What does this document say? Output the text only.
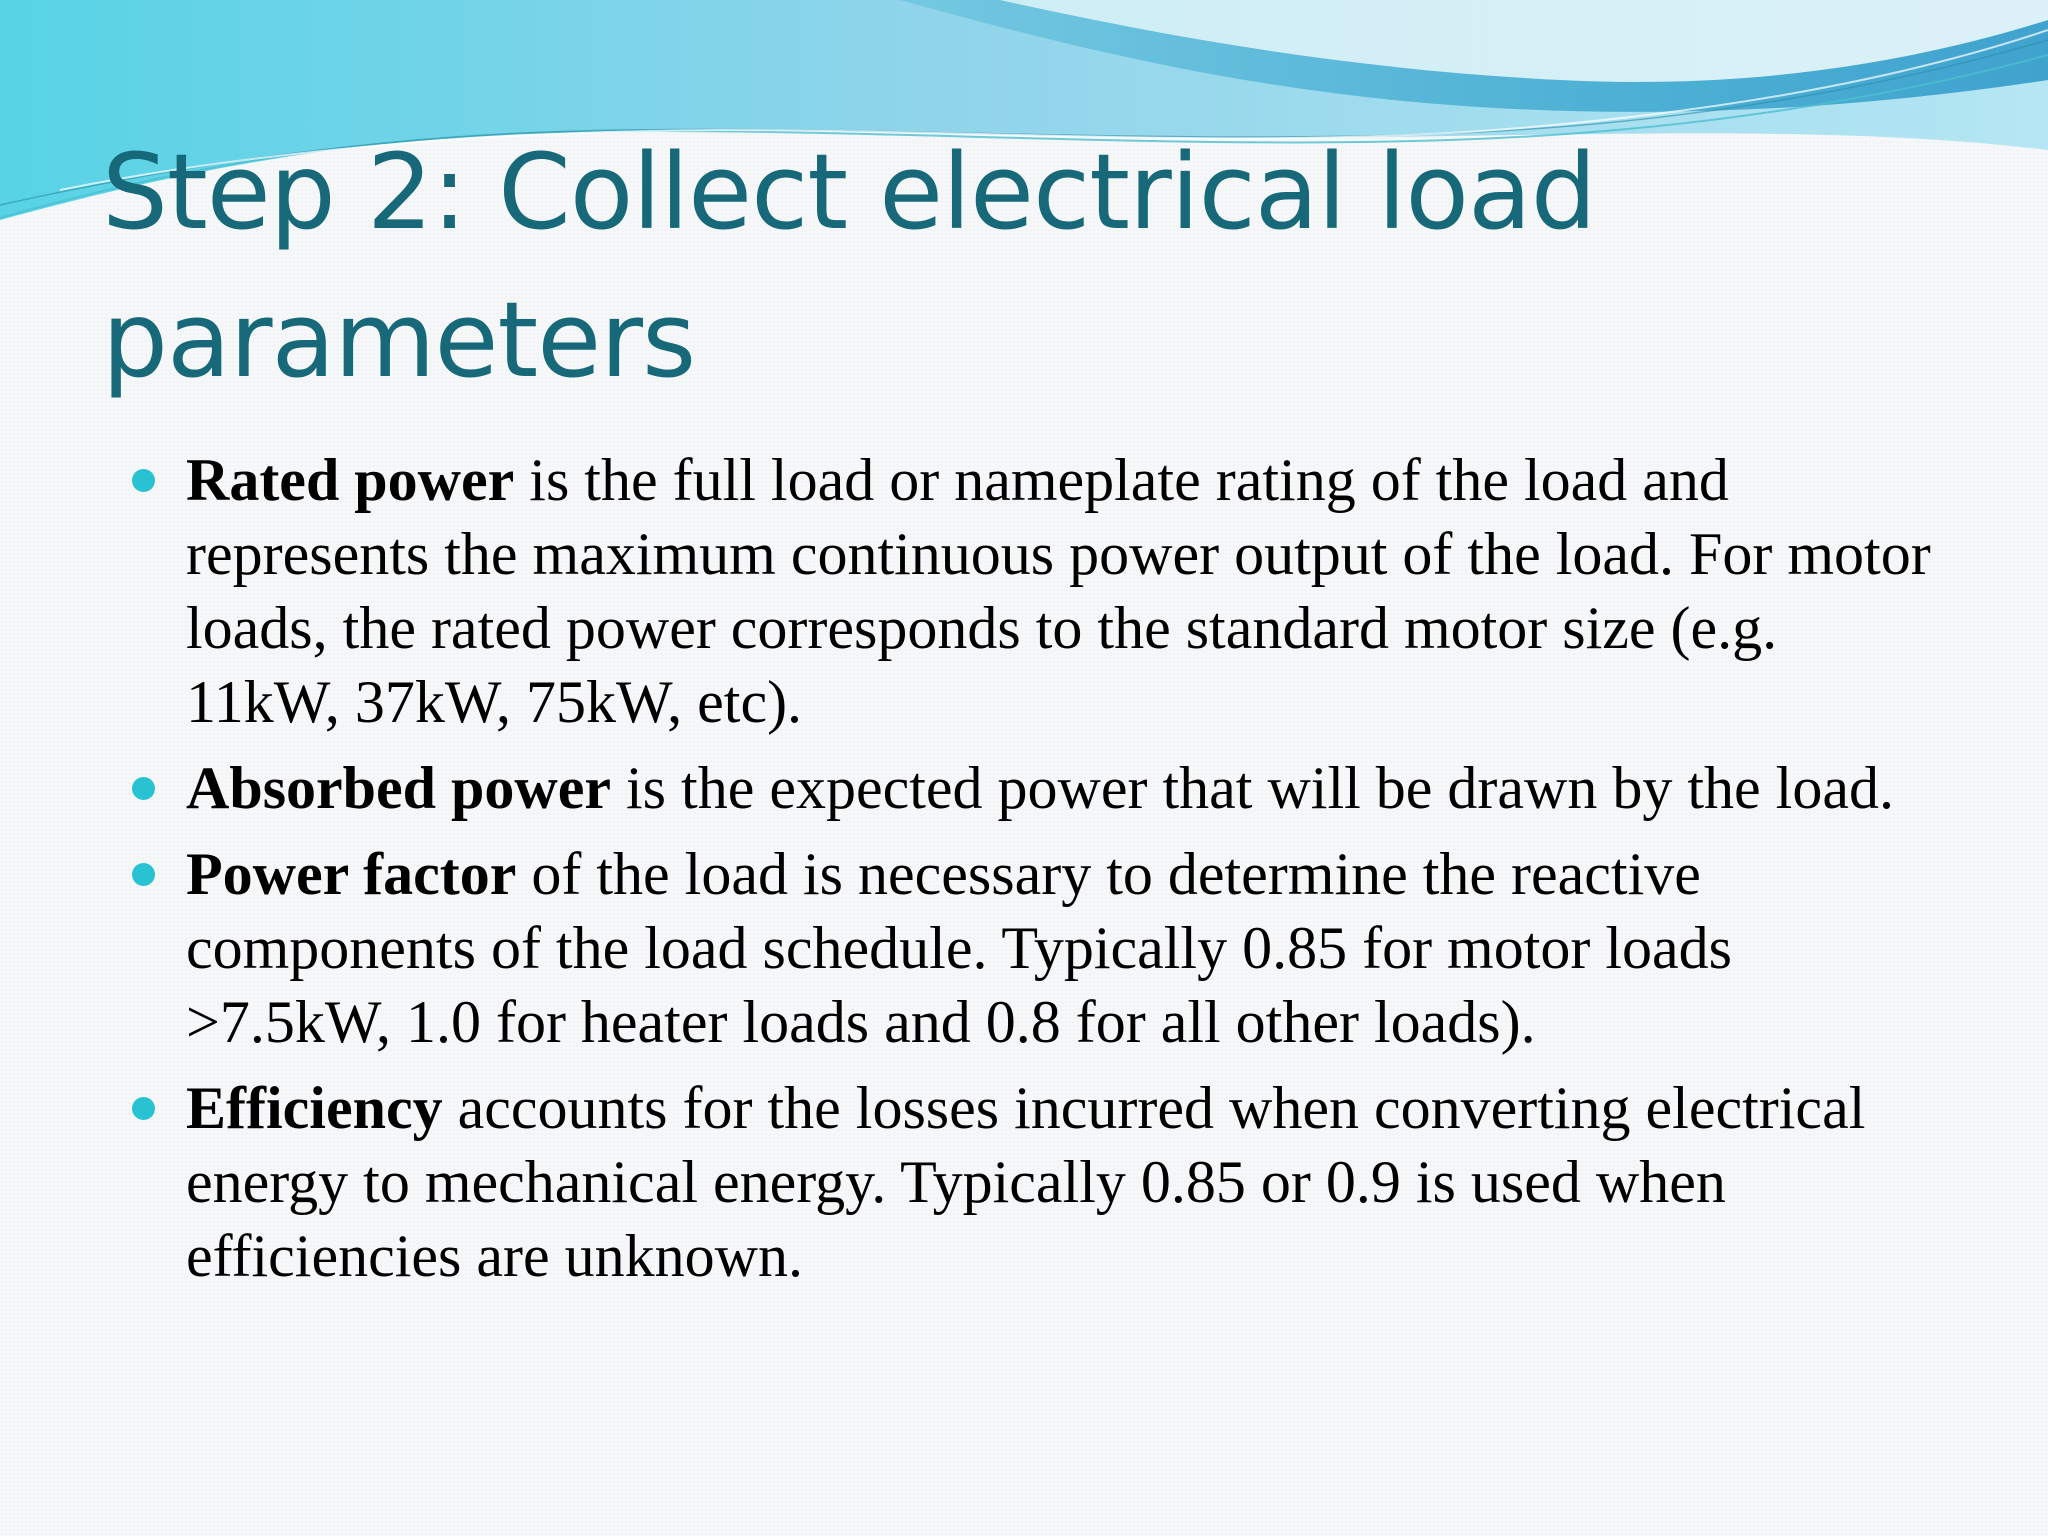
Step 2: Collect electrical load
parameters
Rated power is the full load or nameplate rating of the load and represents the maximum continuous power output of the load. For motor loads, the rated power corresponds to the standard motor size (e.g. 11kW, 37kW, 75kW, etc).
Absorbed power is the expected power that will be drawn by the load.
Power factor of the load is necessary to determine the reactive components of the load schedule. Typically 0.85 for motor loads >7.5kW, 1.0 for heater loads and 0.8 for all other loads).
Efficiency accounts for the losses incurred when converting electrical energy to mechanical energy. Typically 0.85 or 0.9 is used when efficiencies are unknown.
